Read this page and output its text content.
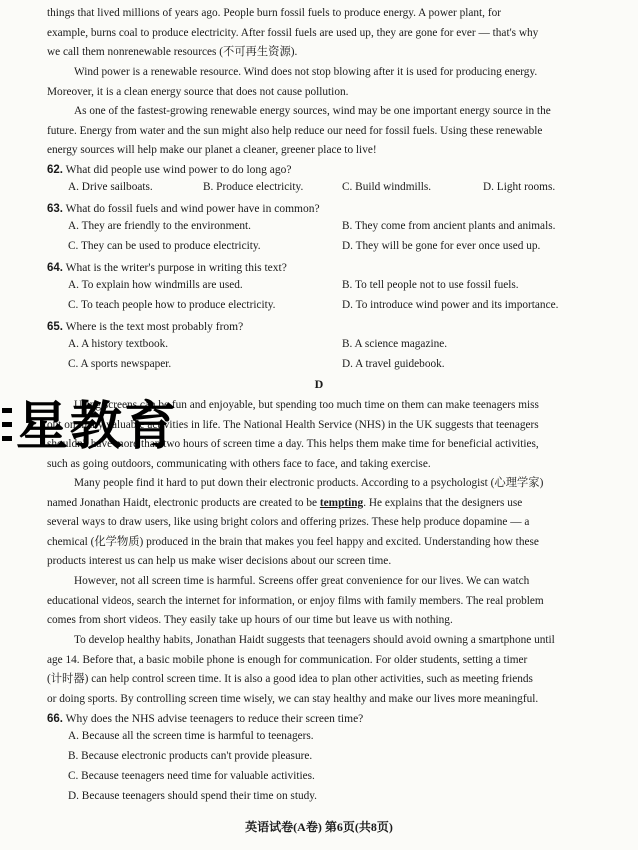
things that lived millions of years ago. People burn fossil fuels to produce energy. A power plant, for
example, burns coal to produce electricity. After fossil fuels are used up, they are gone for ever — that's why
we call them nonrenewable resources (不可再生资源).
Wind power is a renewable resource. Wind does not stop blowing after it is used for producing energy.
Moreover, it is a clean energy source that does not cause pollution.
As one of the fastest-growing renewable energy sources, wind may be one important energy source in the
future. Energy from water and the sun might also help reduce our need for fossil fuels. Using these renewable
energy sources will help make our planet a cleaner, greener place to live!
62. What did people use wind power to do long ago?
A. Drive sailboats.	B. Produce electricity.	C. Build windmills.	D. Light rooms.
63. What do fossil fuels and wind power have in common?
A. They are friendly to the environment.	B. They come from ancient plants and animals.
C. They can be used to produce electricity.	D. They will be gone for ever once used up.
64. What is the writer's purpose in writing this text?
A. To explain how windmills are used.	B. To tell people not to use fossil fuels.
C. To teach people how to produce electricity.	D. To introduce wind power and its importance.
65. Where is the text most probably from?
A. A history textbook.	B. A science magazine.
C. A sports newspaper.	D. A travel guidebook.
D
Using screens can be fun and enjoyable, but spending too much time on them can make teenagers miss
out on many valuable activities in life. The National Health Service (NHS) in the UK suggests that teenagers
shouldn't have more than two hours of screen time a day. This helps them make time for beneficial activities,
such as going outdoors, communicating with others face to face, and taking exercise.
Many people find it hard to put down their electronic products. According to a psychologist (心理学家)
named Jonathan Haidt, electronic products are created to be tempting. He explains that the designers use
several ways to draw users, like using bright colors and offering prizes. These help produce dopamine — a
chemical (化学物质) produced in the brain that makes you feel happy and excited. Understanding how these
products interest us can help us make wiser decisions about our screen time.
However, not all screen time is harmful. Screens offer great convenience for our lives. We can watch
educational videos, search the internet for information, or enjoy films with family members. The real problem
comes from short videos. They easily take up hours of our time but leave us with nothing.
To develop healthy habits, Jonathan Haidt suggests that teenagers should avoid owning a smartphone until
age 14. Before that, a basic mobile phone is enough for communication. For older students, setting a timer
(计时器) can help control screen time. It is also a good idea to plan other activities, such as meeting friends
or doing sports. By controlling screen time wisely, we can stay healthy and make our lives more meaningful.
66. Why does the NHS advise teenagers to reduce their screen time?
A. Because all the screen time is harmful to teenagers.
B. Because electronic products can't provide pleasure.
C. Because teenagers need time for valuable activities.
D. Because teenagers should spend their time on study.
英语试卷(A卷) 第6页(共8页)
星教育
